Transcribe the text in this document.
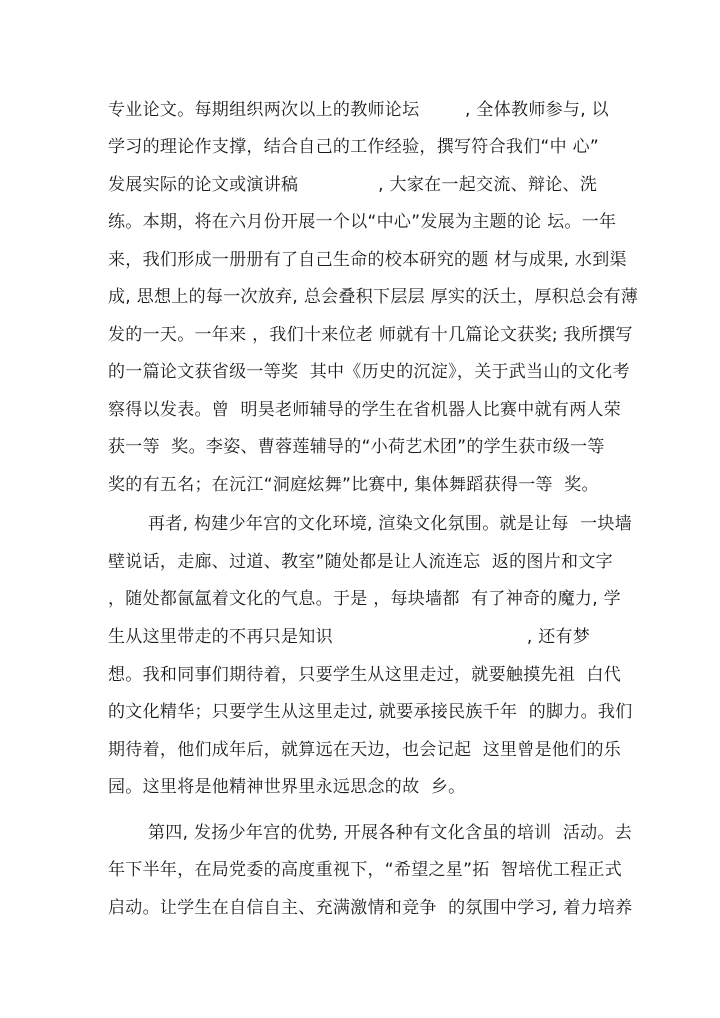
专业论文。每期组织两次以上的教师论坛        , 全体教师参与, 以
学习的理论作支撑，结合自己的工作经验，撰写符合我们“中 心”
发展实际的论文或演讲稿              , 大家在一起交流、辩论、洗
练。本期，将在六月份开展一个以“中心”发展为主题的论 坛。一年
来，我们形成一册册有了自己生命的校本研究的题 材与成果, 水到渠
成, 思想上的每一次放弃, 总会叠积下层层 厚实的沃土，厚积总会有薄
发的一天。一年来 ，我们十来位老 师就有十几篇论文获奖; 我所撰写
的一篇论文获省级一等奖  其中《历史的沉淀》，关于武当山的文化考
察得以发表。曾  明昊老师辅导的学生在省机器人比赛中就有两人荣
获一等  奖。李姿、曹蓉莲辅导的“小荷艺术团”的学生获市级一等
奖的有五名；在沅江“洞庭炫舞”比赛中, 集体舞蹈获得一等  奖。
再者, 构建少年宫的文化环境, 渲染文化氛围。就是让每  一块墙
壁说话，走廊、过道、教室”随处都是让人流连忘  返的图片和文字
，随处都氤氲着文化的气息。于是 ，每块墙都  有了神奇的魔力, 学
生从这里带走的不再只是知识                                  , 还有梦
想。我和同事们期待着，只要学生从这里走过，就要触摸先祖  白代
的文化精华；只要学生从这里走过, 就要承接民族千年  的脚力。我们
期待着，他们成年后，就算远在天边，也会记起  这里曾是他们的乐
园。这里将是他精神世界里永远思念的故  乡。
第四, 发扬少年宫的优势, 开展各种有文化含虽的培训  活动。去
年下半年，在局党委的高度重视下，“希望之星”拓  智培优工程正式
启动。让学生在自信自主、充满激情和竞争  的氛围中学习, 着力培养
